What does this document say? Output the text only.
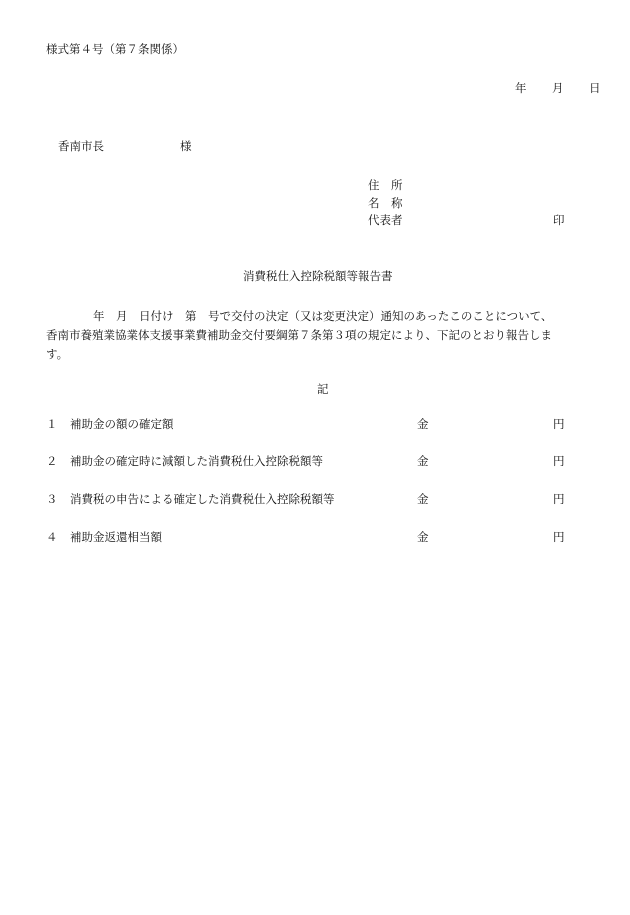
様式第４号（第７条関係）
年 月 日
香南市長	様
住　所
名　称
代表者	印
消費税仕入控除税額等報告書
年　月　日付け　第　号で交付の決定（又は変更決定）通知のあったこのことについて、
香南市養殖業協業体支援事業費補助金交付要綱第７条第３項の規定により、下記のとおり報告しま
す。
記
１ 補助金の額の確定額	金	円
２ 補助金の確定時に減額した消費税仕入控除税額等	金	円
３ 消費税の申告による確定した消費税仕入控除税額等	金	円
４ 補助金返還相当額	金	円
